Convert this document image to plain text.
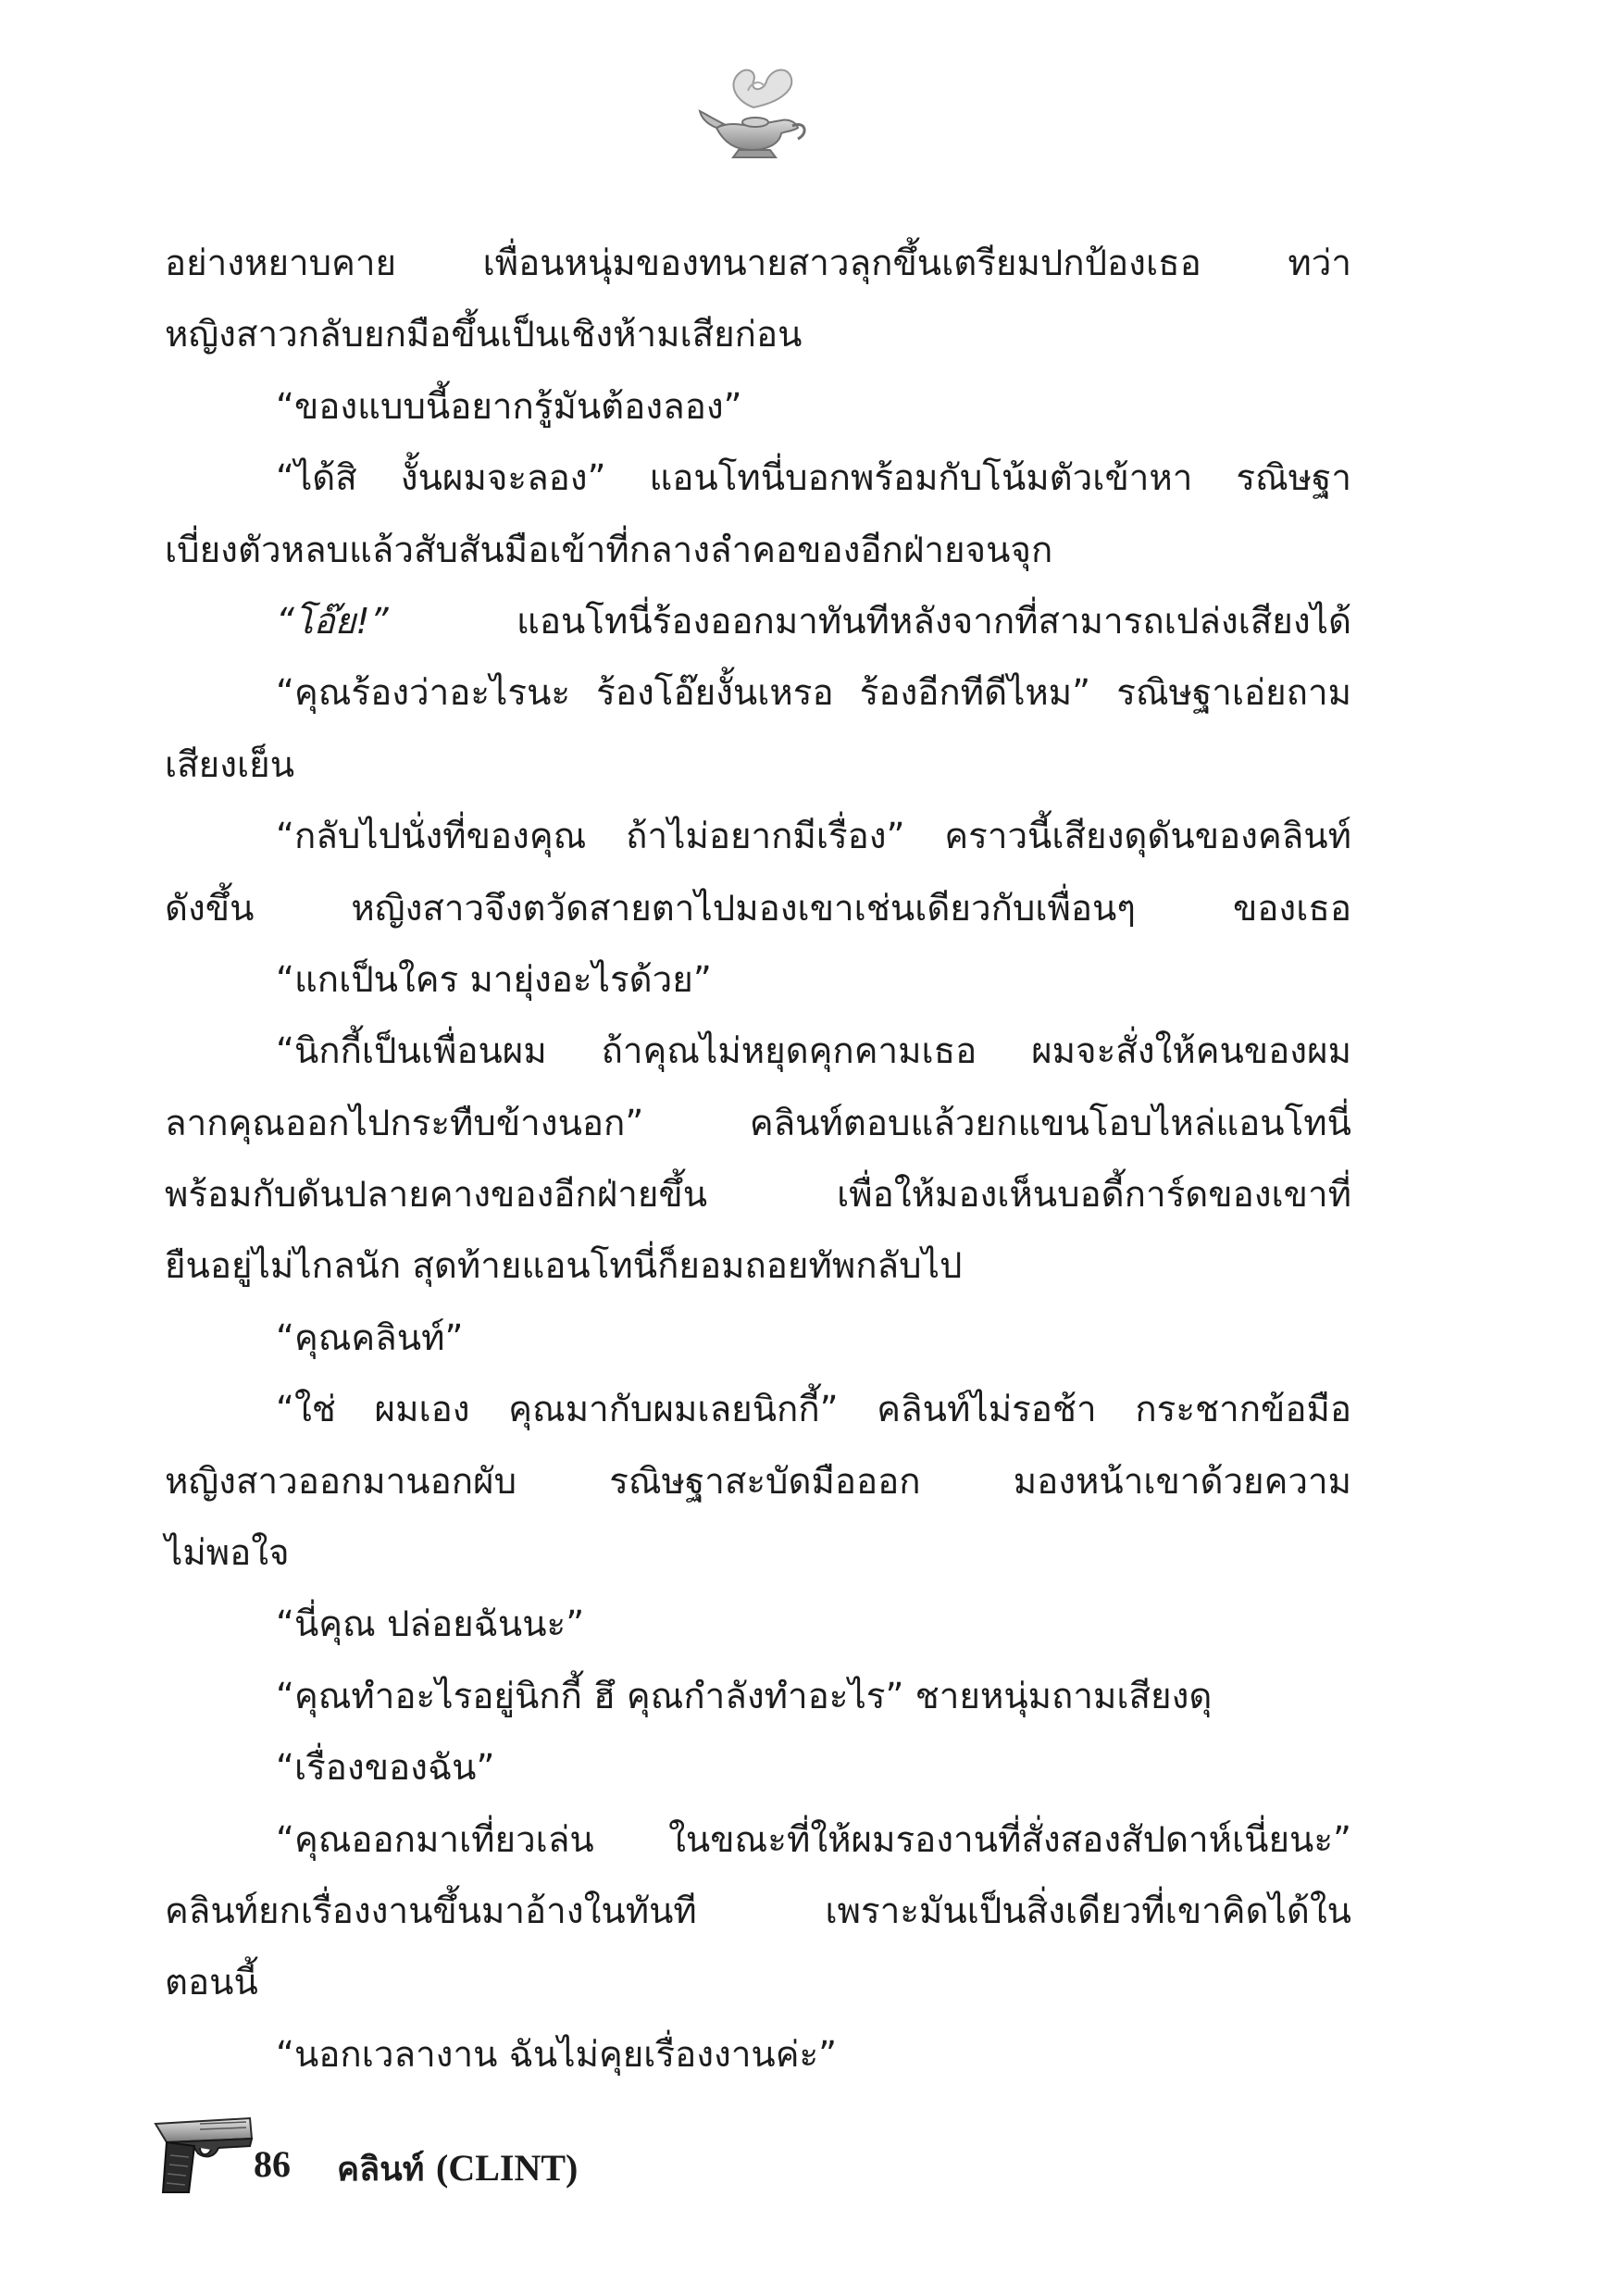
อย่างหยาบคาย เพื่อนหนุ่มของทนายสาวลุกขึ้นเตรียมปกป้องเธอ ทว่า
หญิงสาวกลับยกมือขึ้นเป็นเชิงห้ามเสียก่อน
“ของแบบนี้อยากรู้มันต้องลอง”
“ได้สิ งั้นผมจะลอง” แอนโทนี่บอกพร้อมกับโน้มตัวเข้าหา รณิษฐา
เบี่ยงตัวหลบแล้วสับสันมือเข้าที่กลางลำคอของอีกฝ่ายจนจุก
“โอ๊ย!”	แอนโทนี่ร้องออกมาทันทีหลังจากที่สามารถเปล่งเสียงได้
“คุณร้องว่าอะไรนะ ร้องโอ๊ยงั้นเหรอ ร้องอีกทีดีไหม” รณิษฐาเอ่ยถาม
เสียงเย็น
“กลับไปนั่งที่ของคุณ ถ้าไม่อยากมีเรื่อง” คราวนี้เสียงดุดันของคลินท์
ดังขึ้น หญิงสาวจึงตวัดสายตาไปมองเขาเช่นเดียวกับเพื่อนๆ ของเธอ
“แกเป็นใคร มายุ่งอะไรด้วย”
“นิกกี้เป็นเพื่อนผม ถ้าคุณไม่หยุดคุกคามเธอ ผมจะสั่งให้คนของผม
ลากคุณออกไปกระทืบข้างนอก” คลินท์ตอบแล้วยกแขนโอบไหล่แอนโทนี่
พร้อมกับดันปลายคางของอีกฝ่ายขึ้น เพื่อให้มองเห็นบอดี้การ์ดของเขาที่
ยืนอยู่ไม่ไกลนัก สุดท้ายแอนโทนี่ก็ยอมถอยทัพกลับไป
“คุณคลินท์”
“ใช่ ผมเอง คุณมากับผมเลยนิกกี้” คลินท์ไม่รอช้า กระชากข้อมือ
หญิงสาวออกมานอกผับ รณิษฐาสะบัดมือออก มองหน้าเขาด้วยความ
ไม่พอใจ
“นี่คุณ ปล่อยฉันนะ”
“คุณทำอะไรอยู่นิกกี้ ฮึ คุณกำลังทำอะไร” ชายหนุ่มถามเสียงดุ
“เรื่องของฉัน”
“คุณออกมาเที่ยวเล่น ในขณะที่ให้ผมรองานที่สั่งสองสัปดาห์เนี่ยนะ”
คลินท์ยกเรื่องงานขึ้นมาอ้างในทันที เพราะมันเป็นสิ่งเดียวที่เขาคิดได้ใน
ตอนนี้
“นอกเวลางาน ฉันไม่คุยเรื่องงานค่ะ”
86 คลินท์ (CLINT)
